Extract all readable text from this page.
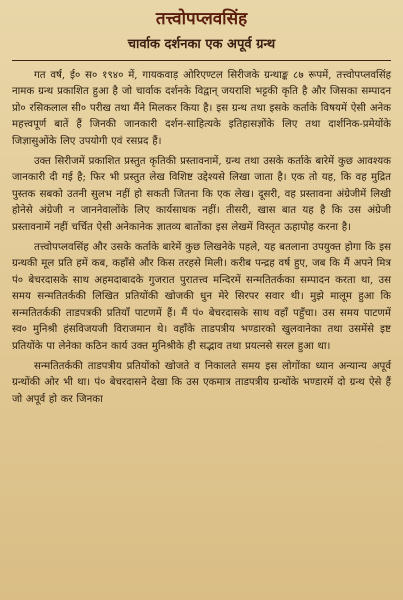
तत्त्वोपप्लवसिंह
चार्वाक दर्शनका एक अपूर्व ग्रन्थ

गत वर्ष, ई० स० १९४० में, गायकवाड़ ओरिएण्टल सिरीजके ग्रन्थाङ्क ८७ रूपमें, तत्त्वोपप्लवसिंह नामक ग्रन्थ प्रकाशित हुआ है जो चार्वाक दर्शनके विद्वान् जयराशि भट्टकी कृति है और जिसका सम्पादन प्रो० रसिकलाल सी० परीख तथा मैंने मिलकर किया है। इस ग्रन्थ तथा इसके कर्ताके विषयमें ऐसी अनेक महत्त्वपूर्ण बातें हैं जिनकी जानकारी दर्शन-साहित्यके इतिहासज्ञोंके लिए तथा दार्शनिक-प्रमेयोंके जिज्ञासुओंके लिए उपयोगी एवं रसप्रद हैं।

उक्त सिरीजमें प्रकाशित प्रस्तुत कृतिकी प्रस्तावनामें, ग्रन्थ तथा उसके कर्ताके बारेमें कुछ आवश्यक जानकारी दी गई है; फिर भी प्रस्तुत लेख विशिष्ट उद्देश्यसे लिखा जाता है। एक तो यह, कि वह मुद्रित पुस्तक सबको उतनी सुलभ नहीं हो सकती जितना कि एक लेख। दूसरी, वह प्रस्तावना अंग्रेजीमें लिखी होनेसे अंग्रेजी न जाननेवालोंके लिए कार्यसाधक नहीं। तीसरी, खास बात यह है कि उस अंग्रेजी प्रस्तावनामें नहीं चर्चित ऐसी अनेकानेक ज्ञातव्य बातोंका इस लेखमें विस्तृत ऊहापोह करना है।

तत्त्वोपप्लवसिंह और उसके कर्ताके बारेमें कुछ लिखनेके पहले, यह बतलाना उपयुक्त होगा कि इस ग्रन्थकी मूल प्रति हमें कब, कहाँसे और किस तरहसे मिली। करीब पन्द्रह वर्ष हुए, जब कि मैं अपने मित्र पं० बेचरदासके साथ अहमदाबादके गुजरात पुरातत्त्व मन्दिरमें सन्मतितर्कका सम्पादन करता था, उस समय सन्मतितर्ककी लिखित प्रतियोंकी खोजकी धुन मेरे सिरपर सवार थी। मुझे मालूम हुआ कि सन्मतितर्ककी ताडपत्रकी प्रतियाँ पाटणमें हैं। मैं पं० बेचरदासके साथ वहाँ पहुँचा। उस समय पाटणमें स्व० मुनिश्री हंसविजयजी विराजमान थे। वहाँके ताडपत्रीय भण्डारको खुलवानेका तथा उसमेंसे इष्ट प्रतियोंके पा लेनेका कठिन कार्य उक्त मुनिश्रीके ही सद्भाव तथा प्रयत्नसे सरल हुआ था।

सन्मतितर्ककी ताडपत्रीय प्रतियोंको खोजते व निकालते समय इस लोगोंका ध्यान अन्यान्य अपूर्व ग्रन्थोंकी ओर भी था। पं० बेचरदासने देखा कि उस एकमात्र ताडपत्रीय ग्रन्थोंके भण्डारमें दो ग्रन्थ ऐसे हैं जो अपूर्व हो कर जिनका
